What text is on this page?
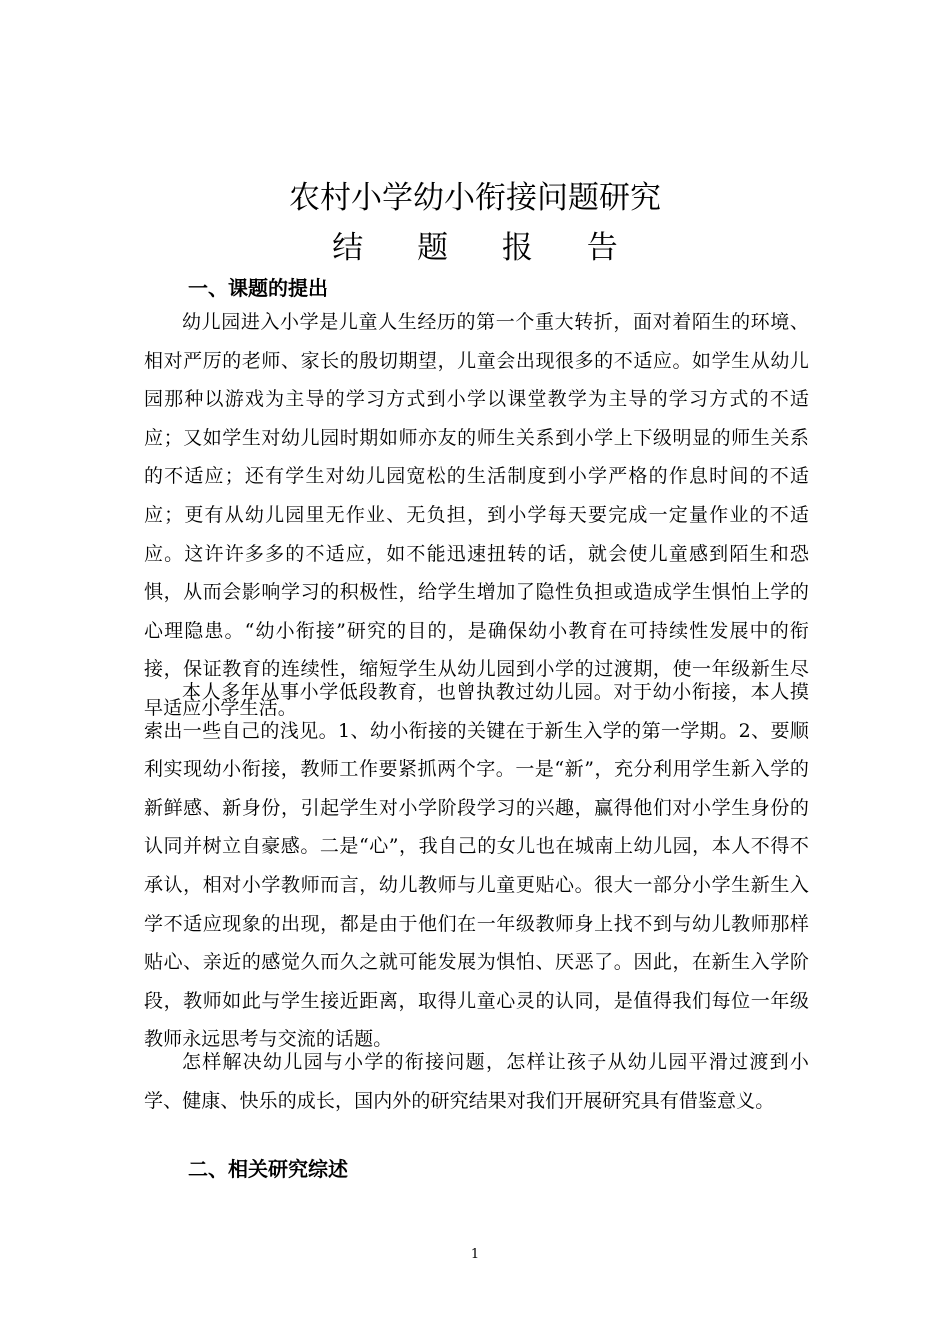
农村小学幼小衔接问题研究
结 题 报 告
一、课题的提出

幼儿园进入小学是儿童人生经历的第一个重大转折，面对着陌生的环境、相对严厉的老师、家长的殷切期望，儿童会出现很多的不适应。如学生从幼儿园那种以游戏为主导的学习方式到小学以课堂教学为主导的学习方式的不适应；又如学生对幼儿园时期如师亦友的师生关系到小学上下级明显的师生关系的不适应；还有学生对幼儿园宽松的生活制度到小学严格的作息时间的不适应；更有从幼儿园里无作业、无负担，到小学每天要完成一定量作业的不适应。这许许多多的不适应，如不能迅速扭转的话，就会使儿童感到陌生和恐惧，从而会影响学习的积极性，给学生增加了隐性负担或造成学生惧怕上学的心理隐患。“幼小衔接”研究的目的，是确保幼小教育在可持续性发展中的衔接，保证教育的连续性，缩短学生从幼儿园到小学的过渡期，使一年级新生尽早适应小学生活。

本人多年从事小学低段教育，也曾执教过幼儿园。对于幼小衔接，本人摸索出一些自己的浅见。1、幼小衔接的关键在于新生入学的第一学期。2、要顺利实现幼小衔接，教师工作要紧抓两个字。一是“新”，充分利用学生新入学的新鲜感、新身份，引起学生对小学阶段学习的兴趣，赢得他们对小学生身份的认同并树立自豪感。二是“心”，我自己的女儿也在城南上幼儿园，本人不得不承认，相对小学教师而言，幼儿教师与儿童更贴心。很大一部分小学生新生入学不适应现象的出现，都是由于他们在一年级教师身上找不到与幼儿教师那样贴心、亲近的感觉久而久之就可能发展为惧怕、厌恶了。因此，在新生入学阶段，教师如此与学生接近距离，取得儿童心灵的认同，是值得我们每位一年级教师永远思考与交流的话题。

怎样解决幼儿园与小学的衔接问题，怎样让孩子从幼儿园平滑过渡到小学、健康、快乐的成长，国内外的研究结果对我们开展研究具有借鉴意义。

二、相关研究综述
1
